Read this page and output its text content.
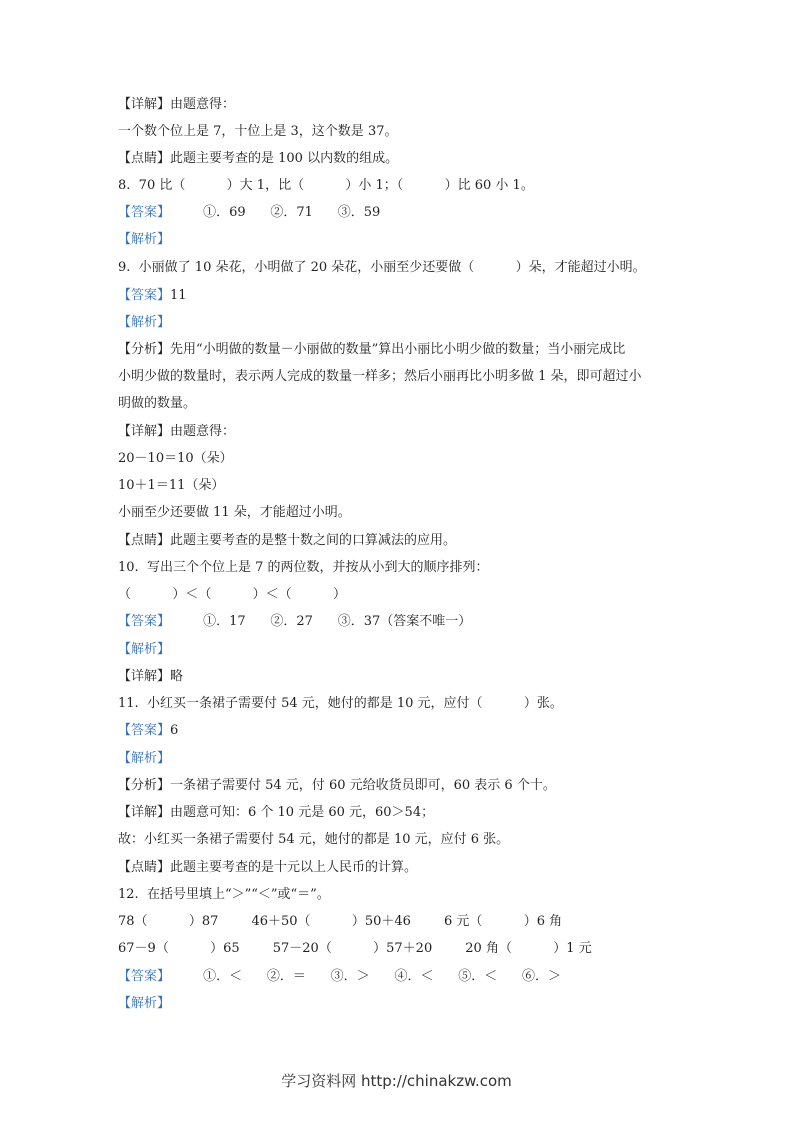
【详解】由题意得：
一个数个位上是 7，十位上是 3，这个数是 37。
【点睛】此题主要考查的是 100 以内数的组成。
8.  70 比（          ）大 1，比（          ）小 1；（          ）比 60 小 1。
【答案】        ①．69      ②．71      ③．59
【解析】
9.  小丽做了 10 朵花，小明做了 20 朵花，小丽至少还要做（          ）朵，才能超过小明。
【答案】11
【解析】
【分析】先用“小明做的数量－小丽做的数量”算出小丽比小明少做的数量；当小丽完成比
小明少做的数量时，表示两人完成的数量一样多；然后小丽再比小明多做 1 朵，即可超过小
明做的数量。
【详解】由题意得：
20－10＝10（朵）
10＋1＝11（朵）
小丽至少还要做 11 朵，才能超过小明。
【点睛】此题主要考查的是整十数之间的口算减法的应用。
10.  写出三个个位上是 7 的两位数，并按从小到大的顺序排列：
（          ）＜（          ）＜（          ）
【答案】        ①．17      ②．27      ③．37（答案不唯一）
【解析】
【详解】略
11.  小红买一条裙子需要付 54 元，她付的都是 10 元，应付（          ）张。
【答案】6
【解析】
【分析】一条裙子需要付 54 元，付 60 元给收货员即可，60 表示 6 个十。
【详解】由题意可知：6 个 10 元是 60 元，60＞54；
故：小红买一条裙子需要付 54 元，她付的都是 10 元，应付 6 张。
【点睛】此题主要考查的是十元以上人民币的计算。
12.  在括号里填上“＞”“＜”或“＝”。
78（          ）87        46＋50（          ）50＋46        6 元（          ）6 角
67－9（          ）65        57－20（          ）57＋20        20 角（          ）1 元
【答案】        ①．＜      ②．＝      ③．＞      ④．＜      ⑤．＜      ⑥．＞
【解析】
学习资料网 http://chinakzw.com
